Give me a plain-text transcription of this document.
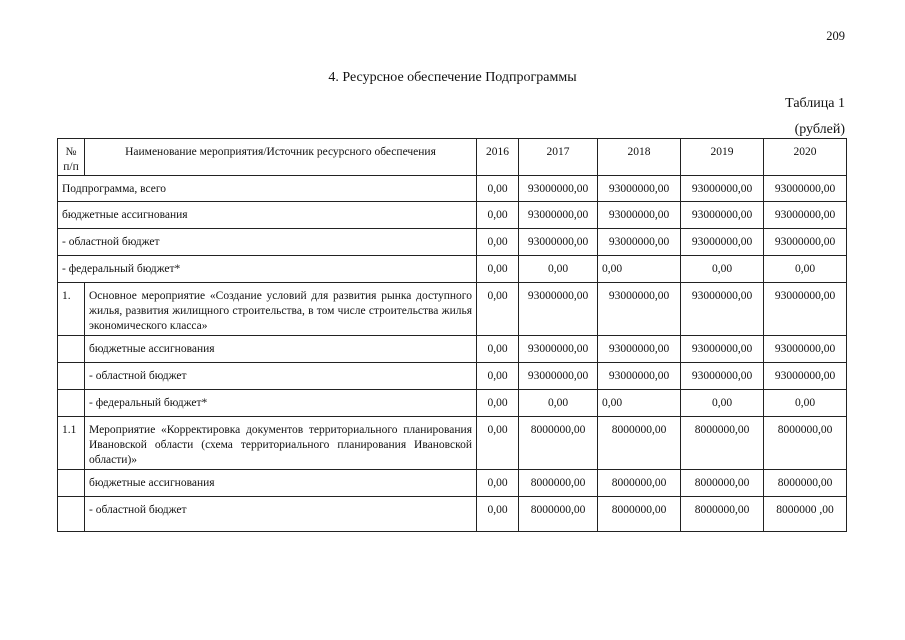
209
4. Ресурсное обеспечение Подпрограммы
Таблица 1
(рублей)
№ п/п	Наименование мероприятия/Источник ресурсного обеспечения	2016	2017	2018	2019	2020
Подпрограмма, всего		0,00	93000000,00	93000000,00	93000000,00	93000000,00
бюджетные ассигнования		0,00	93000000,00	93000000,00	93000000,00	93000000,00
- областной бюджет		0,00	93000000,00	93000000,00	93000000,00	93000000,00
- федеральный бюджет*		0,00	0,00	0,00	0,00	0,00
1.	Основное мероприятие «Создание условий для развития рынка доступного жилья, развития жилищного строительства, в том числе строительства жилья экономического класса»	0,00	93000000,00	93000000,00	93000000,00	93000000,00
	бюджетные ассигнования	0,00	93000000,00	93000000,00	93000000,00	93000000,00
	- областной бюджет	0,00	93000000,00	93000000,00	93000000,00	93000000,00
	- федеральный бюджет*	0,00	0,00	0,00	0,00	0,00
1.1	Мероприятие «Корректировка документов территориального планирования Ивановской области (схема территориального планирования Ивановской области)»	0,00	8000000,00	8000000,00	8000000,00	8000000,00
	бюджетные ассигнования	0,00	8000000,00	8000000,00	8000000,00	8000000,00
	- областной бюджет	0,00	8000000,00	8000000,00	8000000,00	8000000 ,00
